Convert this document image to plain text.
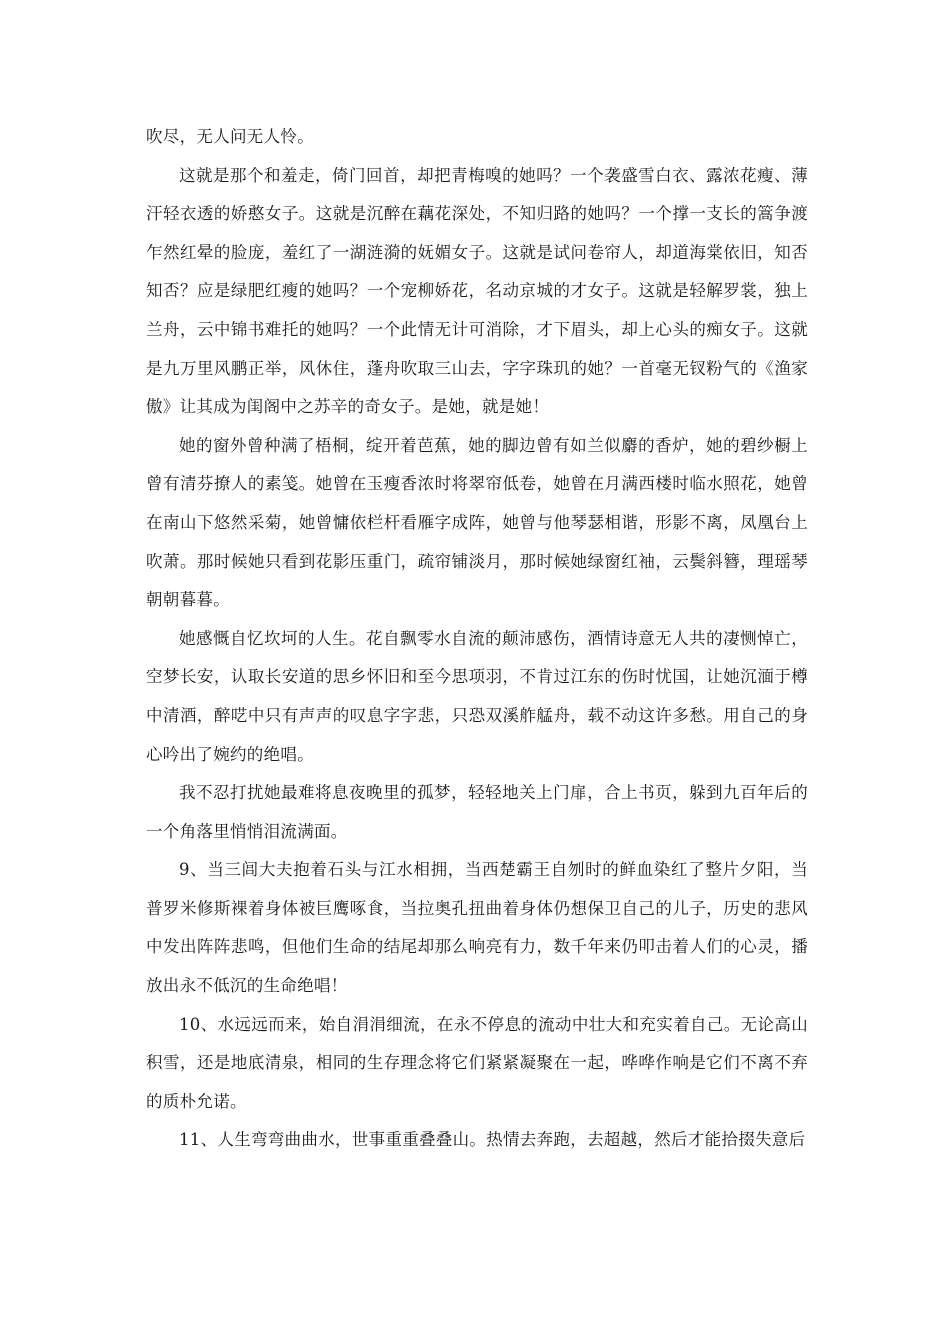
吹尽，无人问无人怜。

这就是那个和羞走，倚门回首，却把青梅嗅的她吗？一个袭盛雪白衣、露浓花瘦、薄汗轻衣透的娇憨女子。这就是沉醉在藕花深处，不知归路的她吗？一个撑一支长的篙争渡乍然红晕的脸庞，羞红了一湖涟漪的妩媚女子。这就是试问卷帘人，却道海棠依旧，知否知否？应是绿肥红瘦的她吗？一个宠柳娇花，名动京城的才女子。这就是轻解罗裳，独上兰舟，云中锦书难托的她吗？一个此情无计可消除，才下眉头，却上心头的痴女子。这就是九万里风鹏正举，风休住，蓬舟吹取三山去，字字珠玑的她？一首毫无钗粉气的《渔家傲》让其成为闺阁中之苏辛的奇女子。是她，就是她！

她的窗外曾种满了梧桐，绽开着芭蕉，她的脚边曾有如兰似麝的香炉，她的碧纱橱上曾有清芬撩人的素笺。她曾在玉瘦香浓时将翠帘低卷，她曾在月满西楼时临水照花，她曾在南山下悠然采菊，她曾慵依栏杆看雁字成阵，她曾与他琴瑟相谐，形影不离，凤凰台上吹萧。那时候她只看到花影压重门，疏帘铺淡月，那时候她绿窗红袖，云鬓斜簪，理瑶琴朝朝暮暮。

她感慨自忆坎坷的人生。花自飘零水自流的颠沛感伤，酒情诗意无人共的凄恻悼亡，空梦长安，认取长安道的思乡怀旧和至今思项羽，不肯过江东的伤时忧国，让她沉湎于樽中清酒，醉呓中只有声声的叹息字字悲，只恐双溪舴艋舟，载不动这许多愁。用自己的身心吟出了婉约的绝唱。

我不忍打扰她最难将息夜晚里的孤梦，轻轻地关上门扉，合上书页，躲到九百年后的一个角落里悄悄泪流满面。

9、当三闾大夫抱着石头与江水相拥，当西楚霸王自刎时的鲜血染红了整片夕阳，当普罗米修斯裸着身体被巨鹰啄食，当拉奥孔扭曲着身体仍想保卫自己的儿子，历史的悲风中发出阵阵悲鸣，但他们生命的结尾却那么响亮有力，数千年来仍叩击着人们的心灵，播放出永不低沉的生命绝唱！

10、水远远而来，始自涓涓细流，在永不停息的流动中壮大和充实着自己。无论高山积雪，还是地底清泉，相同的生存理念将它们紧紧凝聚在一起，哗哗作响是它们不离不弃的质朴允诺。

11、人生弯弯曲曲水，世事重重叠叠山。热情去奔跑，去超越，然后才能拾掇失意后
